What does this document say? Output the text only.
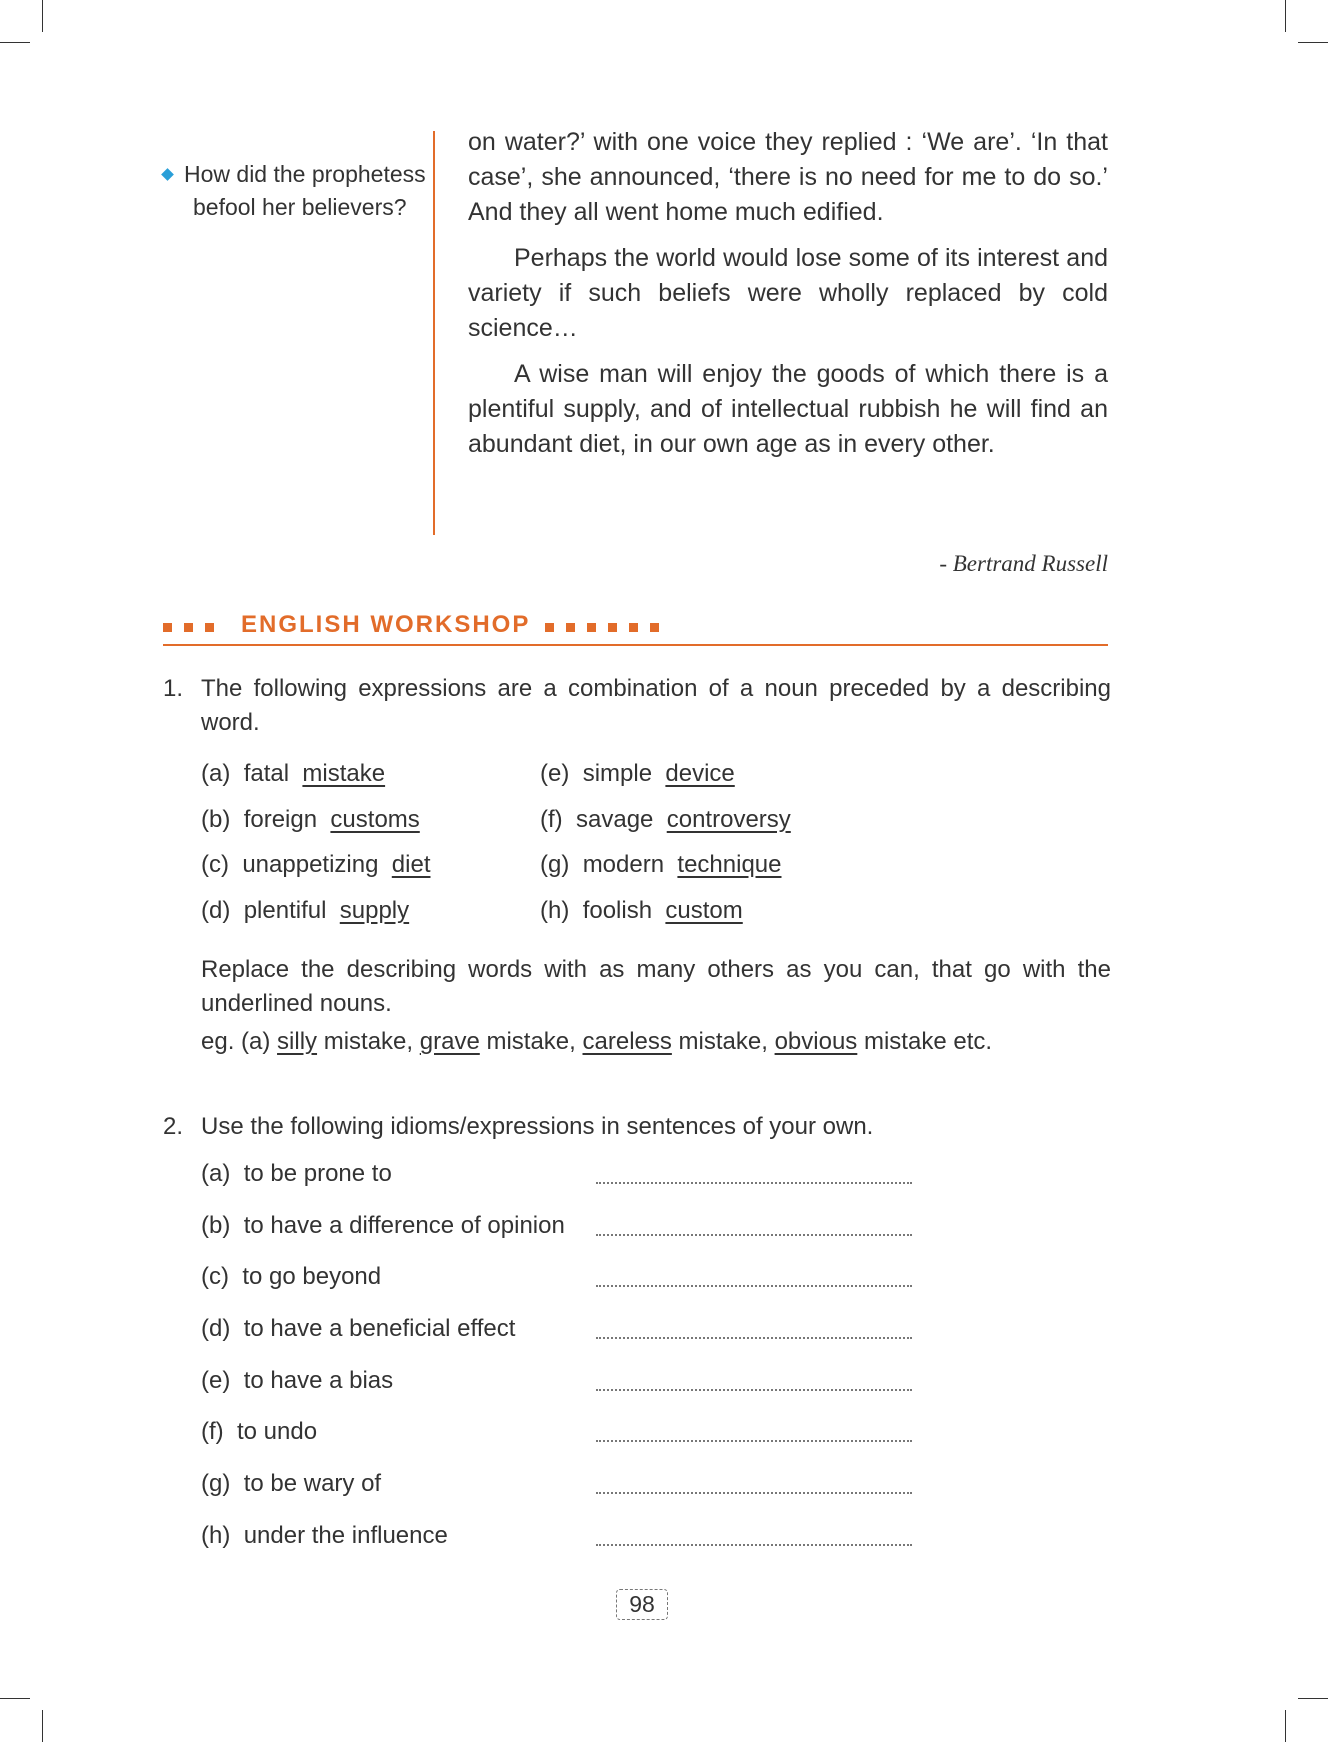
How did the prophetess
befool her believers?

on water?’ with one voice they replied : ‘We are’. ‘In that case’, she announced, ‘there is no need for me to do so.’ And they all went home much edified.

Perhaps the world would lose some of its interest and variety if such beliefs were wholly replaced by cold science…

A wise man will enjoy the goods of which there is a plentiful supply, and of intellectual rubbish he will find an abundant diet, in our own age as in every other.

- Bertrand Russell
ENGLISH WORKSHOP
1. The following expressions are a combination of a noun preceded by a describing word.
(a) fatal mistake
(b) foreign customs
(c) unappetizing diet
(d) plentiful supply
(e) simple device
(f) savage controversy
(g) modern technique
(h) foolish custom
Replace the describing words with as many others as you can, that go with the underlined nouns.
eg. (a) silly mistake, grave mistake, careless mistake, obvious mistake etc.
2. Use the following idioms/expressions in sentences of your own.
(a) to be prone to
(b) to have a difference of opinion
(c) to go beyond
(d) to have a beneficial effect
(e) to have a bias
(f) to undo
(g) to be wary of
(h) under the influence
98
